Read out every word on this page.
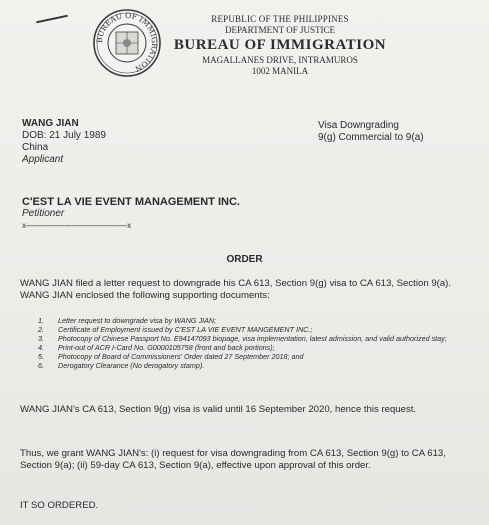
BUREAU OF IMMIGRATION
REPUBLIC OF THE PHILIPPINES
DEPARTMENT OF JUSTICE
BUREAU OF IMMIGRATION
MAGALLANES DRIVE, INTRAMUROS
1002 MANILA
WANG JIAN
DOB: 21 July 1989
China
Applicant
Visa Downgrading
9(g) Commercial to 9(a)
C'EST LA VIE EVENT MANAGEMENT INC.
Petitioner
x-----------------------------------------------x
ORDER
WANG JIAN filed a letter request to downgrade his CA 613, Section 9(g) visa to CA 613, Section 9(a). WANG JIAN enclosed the following supporting documents:
1.	Letter request to downgrade visa by WANG JIAN;
2.	Certificate of Employment issued by C'EST LA VIE EVENT MANGEMENT INC.;
3.	Photocopy of Chinese Passport No. E94147093 biopage, visa implementation, latest admission, and valid authorized stay;
4.	Print-out of ACR I-Card No. G0000105758 (front and back portions);
5.	Photocopy of Board of Commissioners' Order dated 27 September 2018; and
6.	Derogatory Clearance (No derogatory stamp).
WANG JIAN's CA 613, Section 9(g) visa is valid until 16 September 2020, hence this request.
Thus, we grant WANG JIAN's: (i) request for visa downgrading from CA 613, Section 9(g) to CA 613, Section 9(a); (ii) 59-day CA 613, Section 9(a), effective upon approval of this order.
IT SO ORDERED.
